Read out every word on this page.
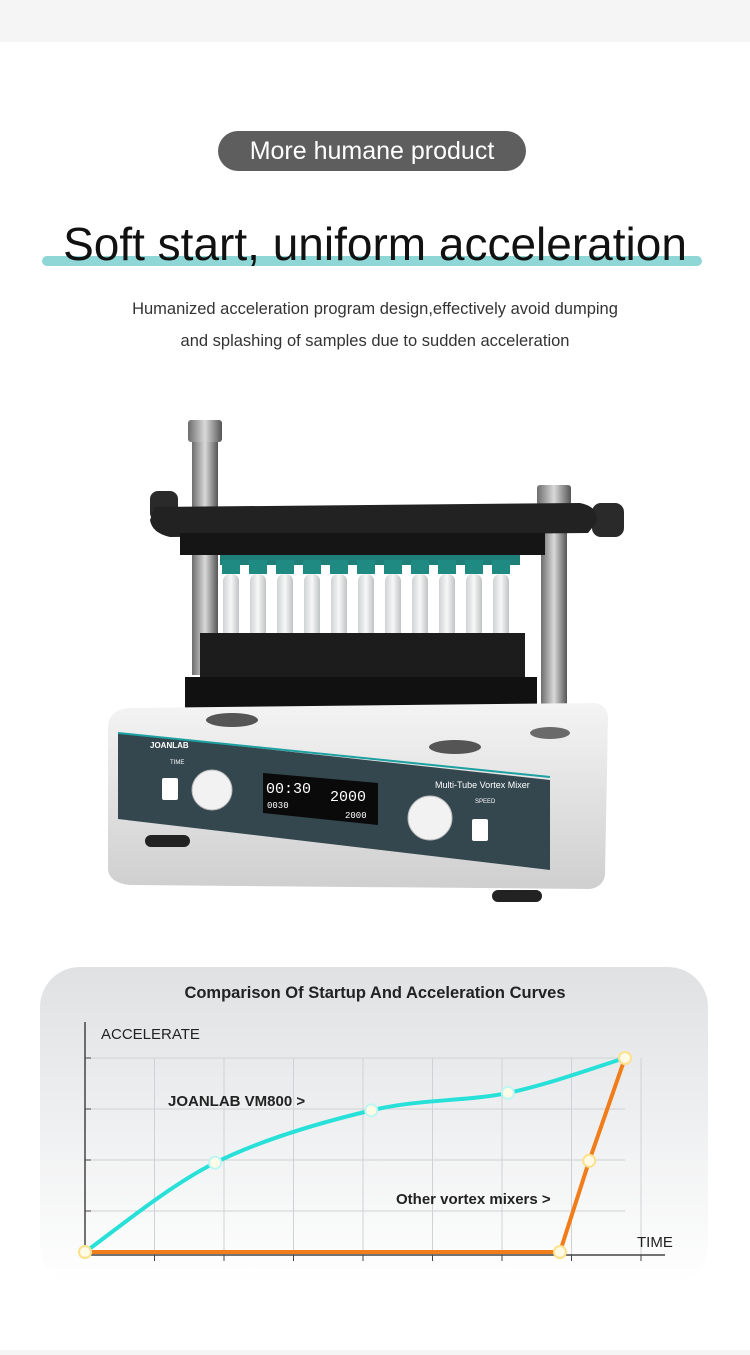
More humane product
Soft start, uniform acceleration

Humanized acceleration program design,effectively avoid dumping

and splashing of samples due to sudden acceleration

JOANLAB
Multi-Tube Vortex Mixer
TIME
SPEED
00:30 2000
0030
2000
Comparison Of Startup And Acceleration Curves
ACCELERATE
TIME
JOANLAB VM800 >
Other vortex mixers >
